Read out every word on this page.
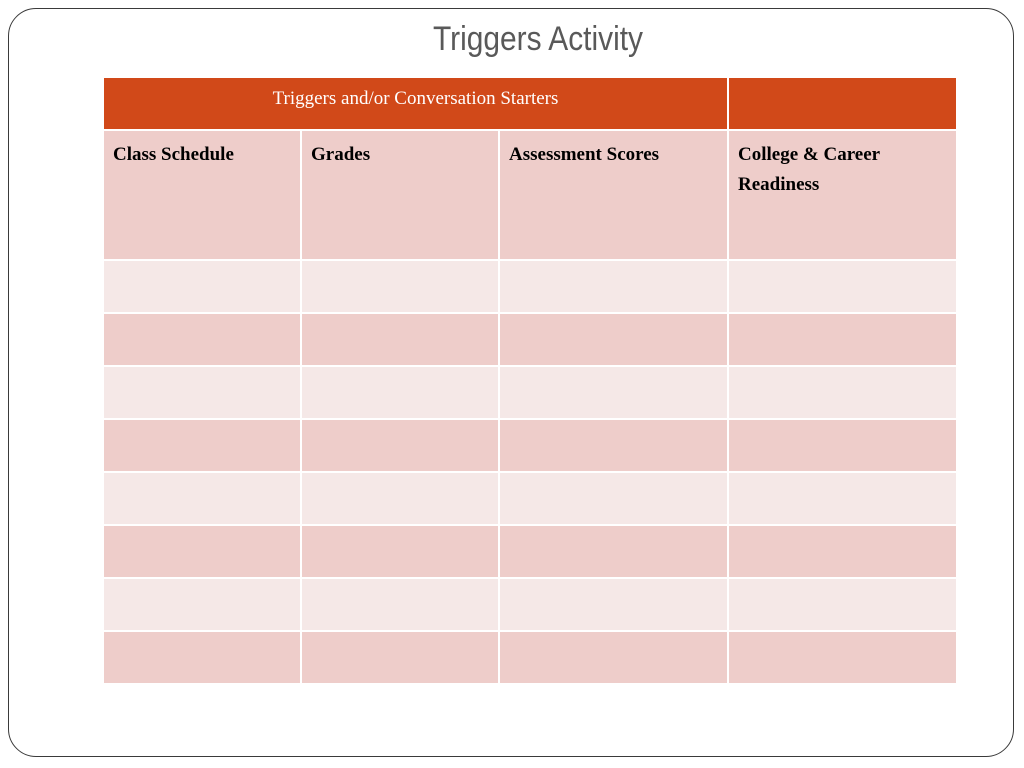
Triggers Activity
Triggers and/or Conversation Starters			

Class Schedule	Grades	Assessment Scores	College & Career Readiness
